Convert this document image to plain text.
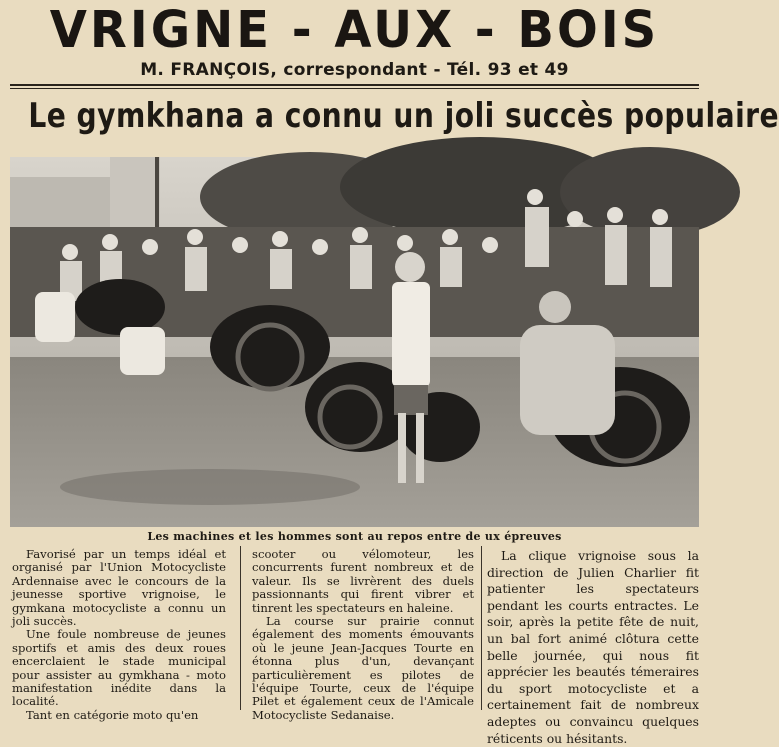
VRIGNE - AUX - BOIS
M. FRANÇOIS, correspondant - Tél. 93 et 49
Le gymkhana a connu un joli succès populaire
Les machines et les hommes sont au repos entre de ux épreuves

Favorisé par un temps idéal et organisé par l'Union Motocycliste Ardennaise avec le concours de la jeunesse sportive vrignoise, le gymkana motocycliste a connu un joli succès.

Une foule nombreuse de jeunes sportifs et amis des deux roues encerclaient le stade municipal pour assister au gymkhana - moto manifestation inédite dans la localité.

Tant en catégorie moto qu'en

scooter ou vélomoteur, les concurrents furent nombreux et de valeur. Ils se livrèrent des duels passionnants qui firent vibrer et tinrent les spectateurs en haleine.

La course sur prairie connut également des moments émouvants où le jeune Jean-Jacques Tourte en étonna plus d'un, devançant particulièrement es pilotes de l'équipe Tourte, ceux de l'équipe Pilet et également ceux de l'Amicale Motocycliste Sedanaise.

La clique vrignoise sous la direction de Julien Charlier fit patienter les spectateurs pendant les courts entractes. Le soir, après la petite fête de nuit, un bal fort animé clôtura cette belle journée, qui nous fit apprécier les beautés témeraires du sport motocycliste et a certainement fait de nombreux adeptes ou convaincu quelques réticents ou hésitants.
